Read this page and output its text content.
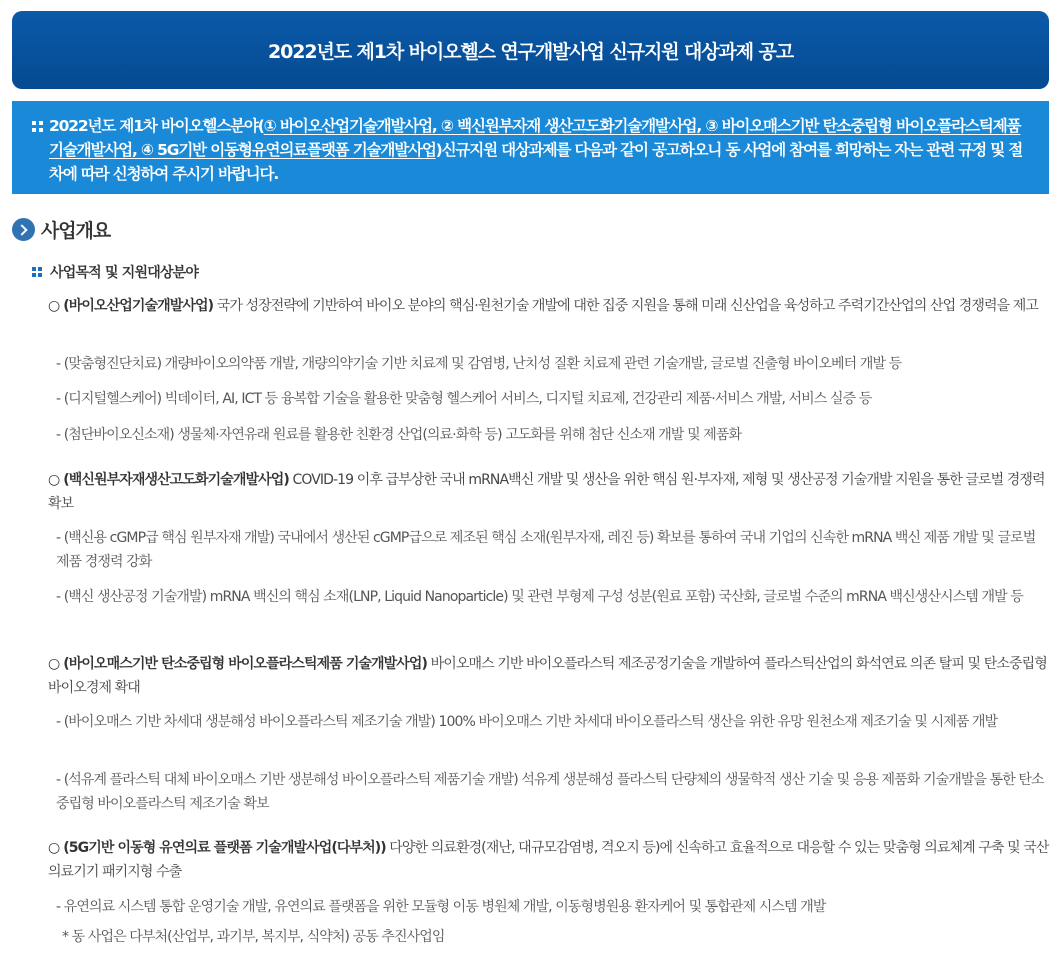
2022년도 제1차 바이오헬스 연구개발사업 신규지원 대상과제 공고

2022년도 제1차 바이오헬스분야(① 바이오산업기술개발사업, ② 백신원부자재 생산고도화기술개발사업, ③ 바이오매스기반 탄소중립형 바이오플라스틱제품 기술개발사업, ④ 5G기반 이동형유연의료플랫폼 기술개발사업)신규지원 대상과제를 다음과 같이 공고하오니 동 사업에 참여를 희망하는 자는 관련 규정 및 절차에 따라 신청하여 주시기 바랍니다.

사업개요
사업목적 및 지원대상분야
○ (바이오산업기술개발사업) 국가 성장전략에 기반하여 바이오 분야의 핵심·원천기술 개발에 대한 집중 지원을 통해 미래 신산업을 육성하고 주력기간산업의 산업 경쟁력을 제고
- (맞춤형진단치료) 개량바이오의약품 개발, 개량의약기술 기반 치료제 및 감염병, 난치성 질환 치료제 관련 기술개발, 글로벌 진출형 바이오베터 개발 등
- (디지털헬스케어) 빅데이터, AI, ICT 등 융복합 기술을 활용한 맞춤형 헬스케어 서비스, 디지털 치료제, 건강관리 제품·서비스 개발, 서비스 실증 등
- (첨단바이오신소재) 생물체·자연유래 원료를 활용한 친환경 산업(의료·화학 등) 고도화를 위해 첨단 신소재 개발 및 제품화
○ (백신원부자재생산고도화기술개발사업) COVID-19 이후 급부상한 국내 mRNA백신 개발 및 생산을 위한 핵심 원·부자재, 제형 및 생산공정 기술개발 지원을 통한 글로벌 경쟁력 확보
- (백신용 cGMP급 핵심 원부자재 개발) 국내에서 생산된 cGMP급으로 제조된 핵심 소재(원부자재, 레진 등) 확보를 통하여 국내 기업의 신속한 mRNA 백신 제품 개발 및 글로벌 제품 경쟁력 강화
- (백신 생산공정 기술개발) mRNA 백신의 핵심 소재(LNP, Liquid Nanoparticle) 및 관련 부형제 구성 성분(원료 포함) 국산화, 글로벌 수준의 mRNA 백신생산시스템 개발 등
○ (바이오매스기반 탄소중립형 바이오플라스틱제품 기술개발사업) 바이오매스 기반 바이오플라스틱 제조공정기술을 개발하여 플라스틱산업의 화석연료 의존 탈피 및 탄소중립형 바이오경제 확대
- (바이오매스 기반 차세대 생분해성 바이오플라스틱 제조기술 개발) 100% 바이오매스 기반 차세대 바이오플라스틱 생산을 위한 유망 원천소재 제조기술 및 시제품 개발
- (석유계 플라스틱 대체 바이오매스 기반 생분해성 바이오플라스틱 제품기술 개발) 석유계 생분해성 플라스틱 단량체의 생물학적 생산 기술 및 응용 제품화 기술개발을 통한 탄소중립형 바이오플라스틱 제조기술 확보
○ (5G기반 이동형 유연의료 플랫폼 기술개발사업(다부처)) 다양한 의료환경(재난, 대규모감염병, 격오지 등)에 신속하고 효율적으로 대응할 수 있는 맞춤형 의료체계 구축 및 국산의료기기 패키지형 수출
- 유연의료 시스템 통합 운영기술 개발, 유연의료 플랫폼을 위한 모듈형 이동 병원체 개발, 이동형병원용 환자케어 및 통합관제 시스템 개발
* 동 사업은 다부처(산업부, 과기부, 복지부, 식약처) 공동 추진사업임
